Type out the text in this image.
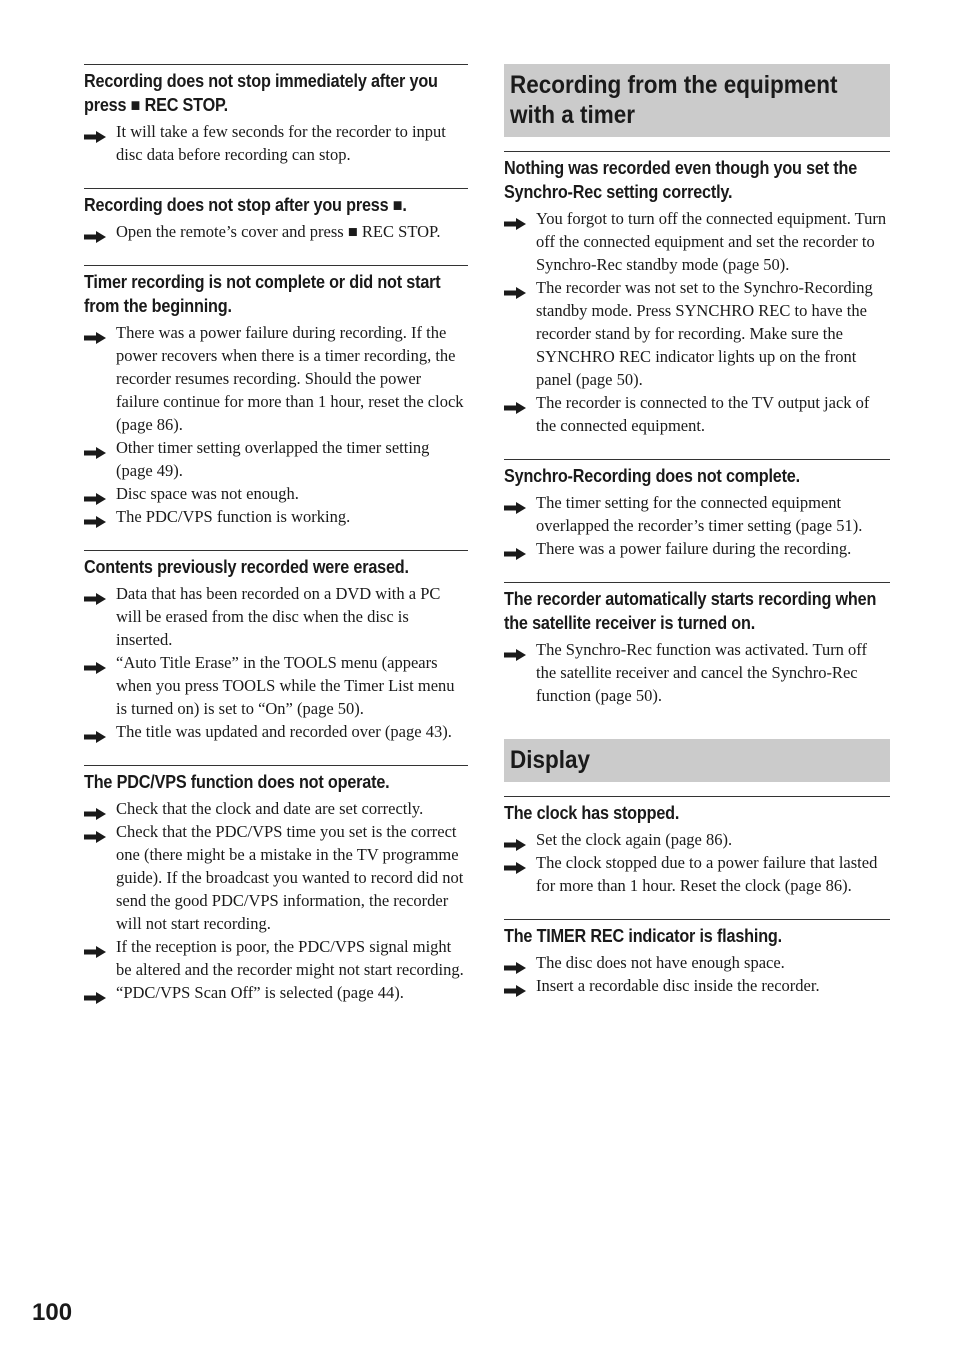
Recording does not stop immediately after you press ■ REC STOP.
It will take a few seconds for the recorder to input disc data before recording can stop.
Recording does not stop after you press ■.
Open the remote’s cover and press ■ REC STOP.
Timer recording is not complete or did not start from the beginning.
There was a power failure during recording. If the power recovers when there is a timer recording, the recorder resumes recording. Should the power failure continue for more than 1 hour, reset the clock (page 86).
Other timer setting overlapped the timer setting (page 49).
Disc space was not enough.
The PDC/VPS function is working.
Contents previously recorded were erased.
Data that has been recorded on a DVD with a PC will be erased from the disc when the disc is inserted.
“Auto Title Erase” in the TOOLS menu (appears when you press TOOLS while the Timer List menu is turned on) is set to “On” (page 50).
The title was updated and recorded over (page 43).
The PDC/VPS function does not operate.
Check that the clock and date are set correctly.
Check that the PDC/VPS time you set is the correct one (there might be a mistake in the TV programme guide). If the broadcast you wanted to record did not send the good PDC/VPS information, the recorder will not start recording.
If the reception is poor, the PDC/VPS signal might be altered and the recorder might not start recording.
“PDC/VPS Scan Off” is selected (page 44).
Recording from the equipment with a timer
Nothing was recorded even though you set the Synchro-Rec setting correctly.
You forgot to turn off the connected equipment. Turn off the connected equipment and set the recorder to Synchro-Rec standby mode (page 50).
The recorder was not set to the Synchro-Recording standby mode. Press SYNCHRO REC to have the recorder stand by for recording. Make sure the SYNCHRO REC indicator lights up on the front panel (page 50).
The recorder is connected to the TV output jack of the connected equipment.
Synchro-Recording does not complete.
The timer setting for the connected equipment overlapped the recorder’s timer setting (page 51).
There was a power failure during the recording.
The recorder automatically starts recording when the satellite receiver is turned on.
The Synchro-Rec function was activated. Turn off the satellite receiver and cancel the Synchro-Rec function (page 50).
Display
The clock has stopped.
Set the clock again (page 86).
The clock stopped due to a power failure that lasted for more than 1 hour. Reset the clock (page 86).
The TIMER REC indicator is flashing.
The disc does not have enough space.
Insert a recordable disc inside the recorder.
100
